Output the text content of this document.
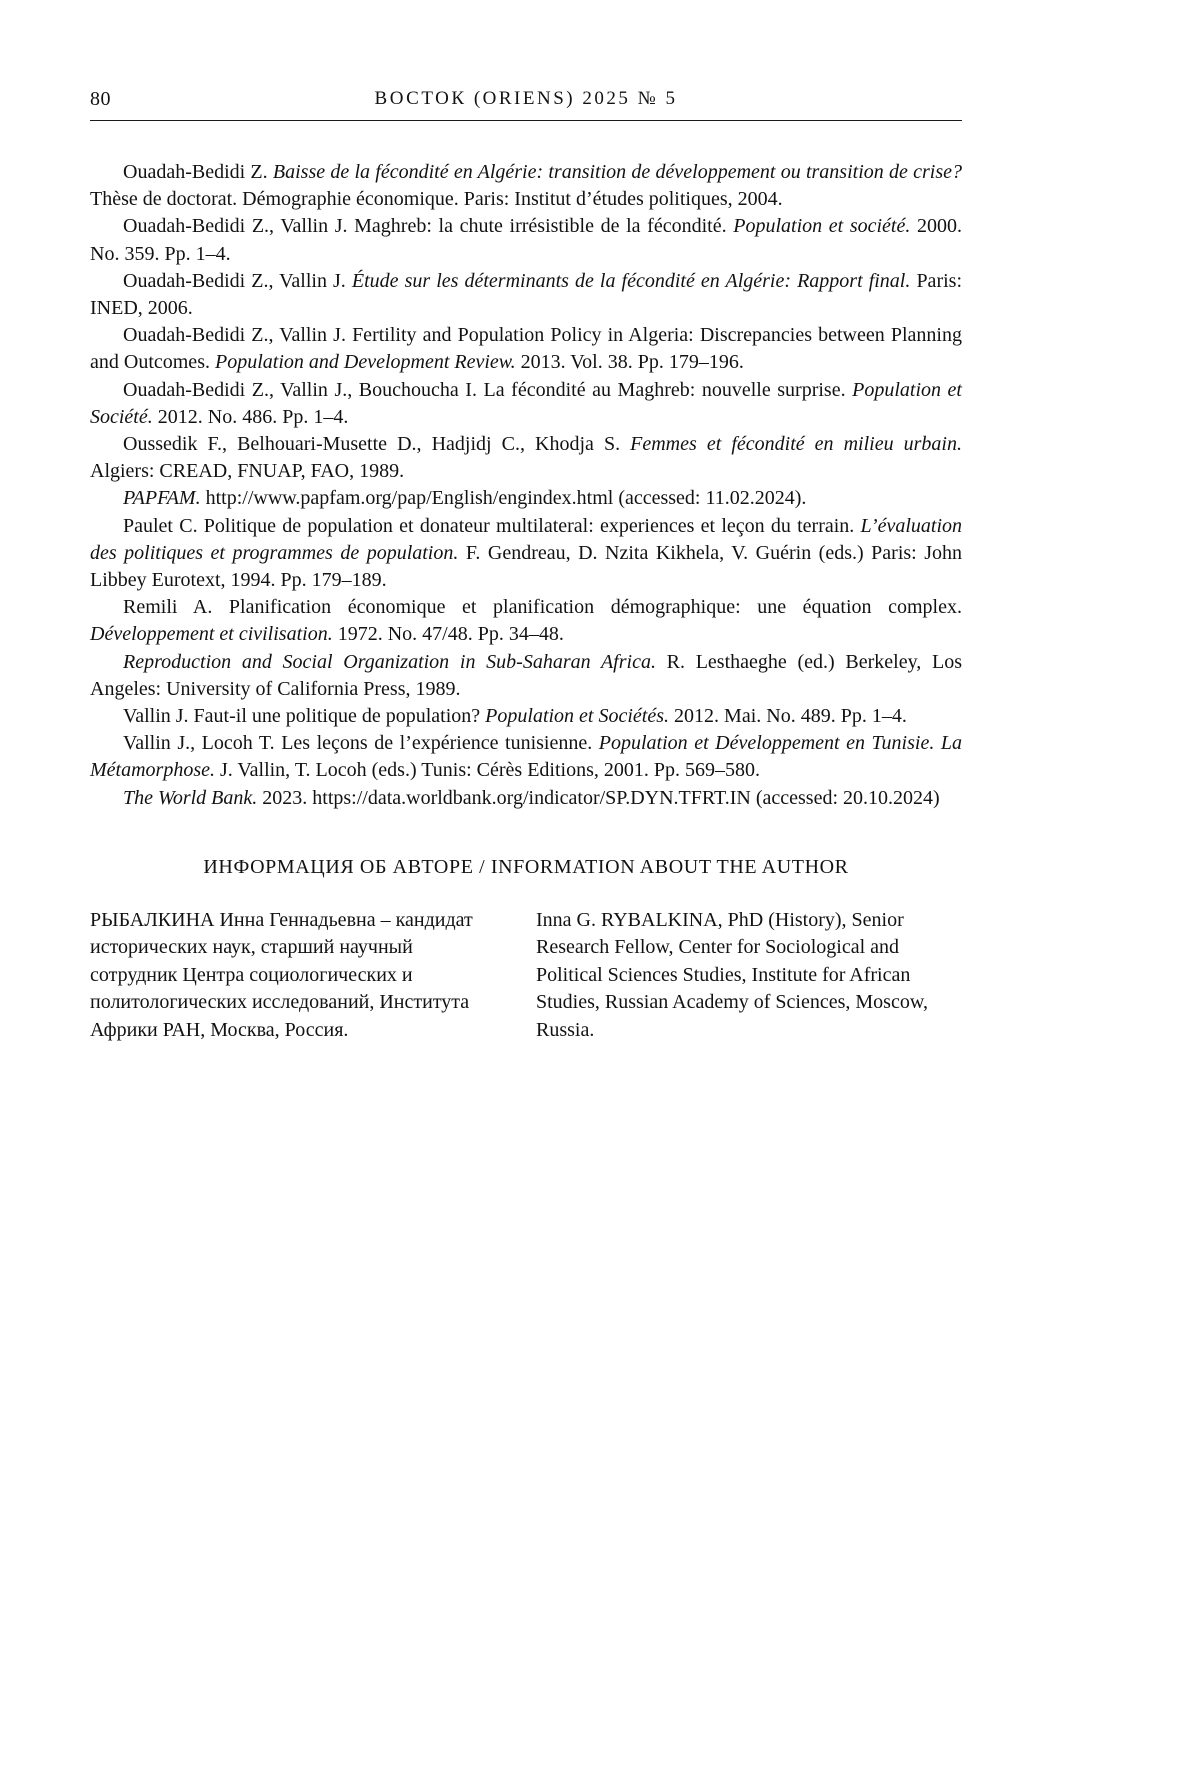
80	ВОСТОК (ORIENS) 2025 № 5

Ouadah-Bedidi Z. Baisse de la fécondité en Algérie: transition de développement ou transition de crise? Thèse de doctorat. Démographie économique. Paris: Institut d’études politiques, 2004.

Ouadah-Bedidi Z., Vallin J. Maghreb: la chute irrésistible de la fécondité. Population et société. 2000. No. 359. Pp. 1–4.

Ouadah-Bedidi Z., Vallin J. Étude sur les déterminants de la fécondité en Algérie: Rapport final. Paris: INED, 2006.

Ouadah-Bedidi Z., Vallin J. Fertility and Population Policy in Algeria: Discrepancies between Planning and Outcomes. Population and Development Review. 2013. Vol. 38. Pp. 179–196.

Ouadah-Bedidi Z., Vallin J., Bouchoucha I. La fécondité au Maghreb: nouvelle surprise. Population et Société. 2012. No. 486. Pp. 1–4.

Oussedik F., Belhouari-Musette D., Hadjidj C., Khodja S. Femmes et fécondité en milieu urbain. Algiers: CREAD, FNUAP, FAO, 1989.

PAPFAM. http://www.papfam.org/pap/English/engindex.html (accessed: 11.02.2024).

Paulet C. Politique de population et donateur multilateral: experiences et leçon du terrain. L’évaluation des politiques et programmes de population. F. Gendreau, D. Nzita Kikhela, V. Guérin (eds.) Paris: John Libbey Eurotext, 1994. Pp. 179–189.

Remili A. Planification économique et planification démographique: une équation complex. Développement et civilisation. 1972. No. 47/48. Pp. 34–48.

Reproduction and Social Organization in Sub-Saharan Africa. R. Lesthaeghe (ed.) Berkeley, Los Angeles: University of California Press, 1989.

Vallin J. Faut-il une politique de population? Population et Sociétés. 2012. Mai. No. 489. Pp. 1–4.

Vallin J., Locoh T. Les leçons de l’expérience tunisienne. Population et Développement en Tunisie. La Métamorphose. J. Vallin, T. Locoh (eds.) Tunis: Cérès Editions, 2001. Pp. 569–580.

The World Bank. 2023. https://data.worldbank.org/indicator/SP.DYN.TFRT.IN (accessed: 20.10.2024)

ИНФОРМАЦИЯ ОБ АВТОРЕ / INFORMATION ABOUT THE AUTHOR

РЫБАЛКИНА Инна Геннадьевна – кандидат исторических наук, старший научный сотрудник Центра социологических и политологических исследований, Института Африки РАН, Москва, Россия.

Inna G. RYBALKINA, PhD (History), Senior Research Fellow, Center for Sociological and Political Sciences Studies, Institute for African Studies, Russian Academy of Sciences, Moscow, Russia.
